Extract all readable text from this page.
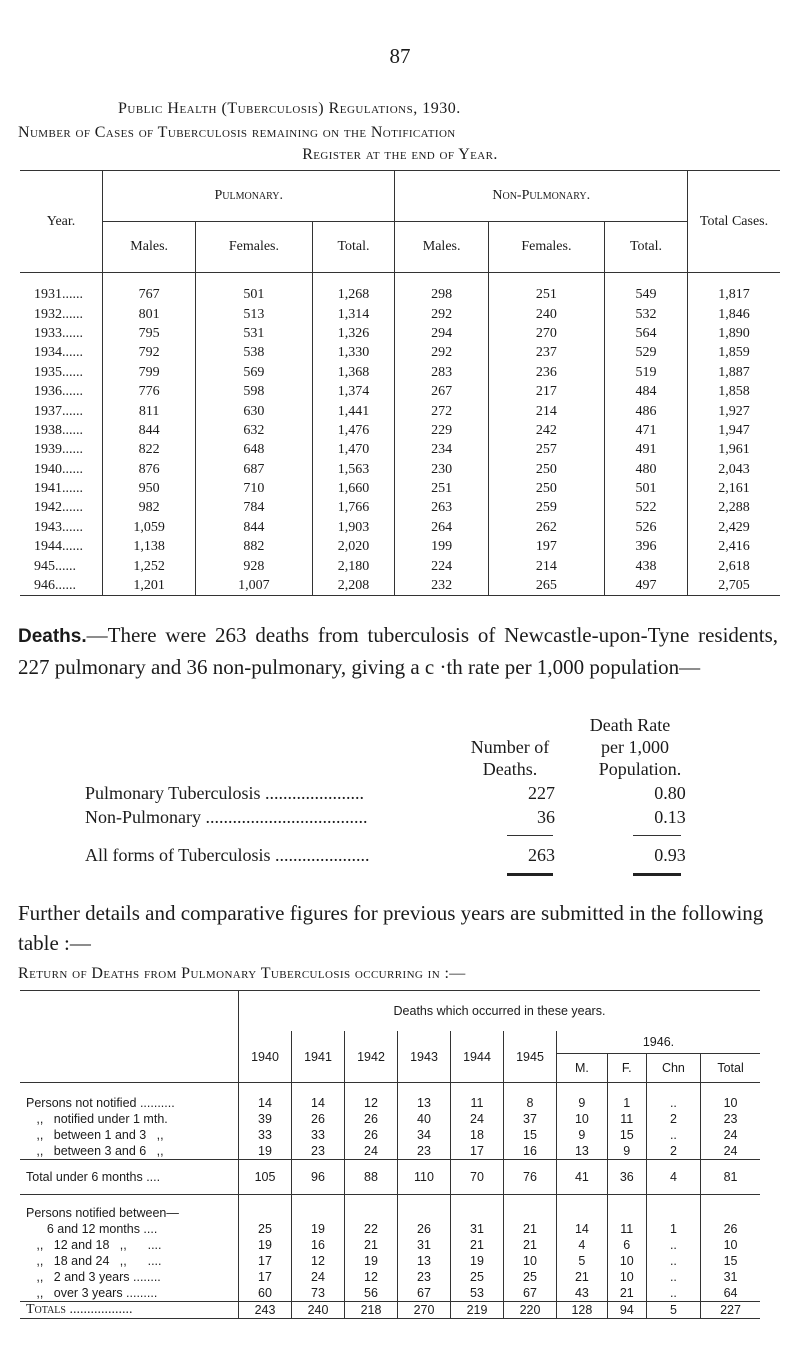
87
Public Health (Tuberculosis) Regulations, 1930.
Number of Cases of Tuberculosis remaining on the Notification
Register at the end of Year.
Year.	Pulmonary.			Non-Pulmonary.			Total Cases.
	Males.	Females.	Total.	Males.	Females.	Total.	
1931......	767	501	1,268	298	251	549	1,817
1932......	801	513	1,314	292	240	532	1,846
1933......	795	531	1,326	294	270	564	1,890
1934......	792	538	1,330	292	237	529	1,859
1935......	799	569	1,368	283	236	519	1,887
1936......	776	598	1,374	267	217	484	1,858
1937......	811	630	1,441	272	214	486	1,927
1938......	844	632	1,476	229	242	471	1,947
1939......	822	648	1,470	234	257	491	1,961
1940......	876	687	1,563	230	250	480	2,043
1941......	950	710	1,660	251	250	501	2,161
1942......	982	784	1,766	263	259	522	2,288
1943......	1,059	844	1,903	264	262	526	2,429
1944......	1,138	882	2,020	199	197	396	2,416
945......	1,252	928	2,180	224	214	438	2,618
946......	1,201	1,007	2,208	232	265	497	2,705
Deaths.—There were 263 deaths from tuberculosis of Newcastle-upon-Tyne residents, 227 pulmonary and 36 non-pulmonary, giving a c ·th rate per 1,000 population—
Death Rate
Number of	per 1,000
Deaths.	Population.
Pulmonary Tuberculosis ......................	227	0.80
Non-Pulmonary ....................................	36	0.13
All forms of Tuberculosis .....................	263	0.93
Further details and comparative figures for previous years are submitted in the following table :—
Return of Deaths from Pulmonary Tuberculosis occurring in :—
	Deaths which occurred in these years.									
	1940	1941	1942	1943	1944	1945	1946.			
							M.	F.	Chn	Total
Persons not notified ..........	14	14	12	13	11	8	9	1	..	10
,,   notified under 1 mth.	39	26	26	40	24	37	10	11	2	23
,,   between 1 and 3   ,,	33	33	26	34	18	15	9	15	..	24
,,   between 3 and 6   ,,	19	23	24	23	17	16	13	9	2	24
Total under 6 months ....	105	96	88	110	70	76	41	36	4	81
Persons notified between—										
6 and 12 months ....	25	19	22	26	31	21	14	11	1	26
,,   12 and 18   ,,      ....	19	16	21	31	21	21	4	6	..	10
,,   18 and 24   ,,      ....	17	12	19	13	19	10	5	10	..	15
,,   2 and 3 years ........	17	24	12	23	25	25	21	10	..	31
,,   over 3 years .........	60	73	56	67	53	67	43	21	..	64
Totals ..................	243	240	218	270	219	220	128	94	5	227
